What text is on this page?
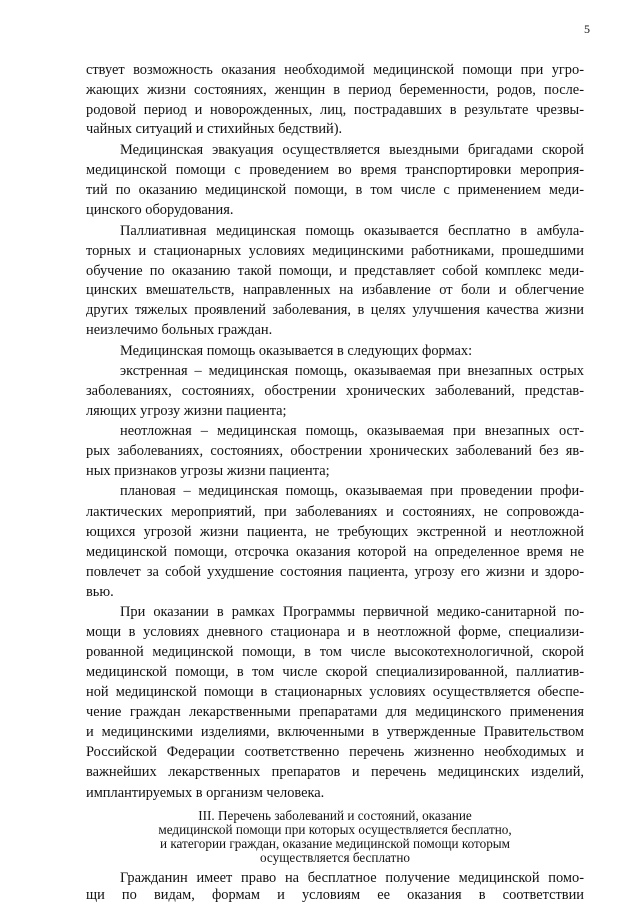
5
ствует возможность оказания необходимой медицинской помощи при угро-
жающих жизни состояниях, женщин в период беременности, родов, после-
родовой период и новорожденных, лиц, пострадавших в результате чрезвы-
чайных ситуаций и стихийных бедствий).
Медицинская эвакуация осуществляется выездными бригадами скорой
медицинской помощи с проведением во время транспортировки мероприя-
тий по оказанию медицинской помощи, в том числе с применением меди-
цинского оборудования.
Паллиативная медицинская помощь оказывается бесплатно в амбула-
торных и стационарных условиях медицинскими работниками, прошедшими
обучение по оказанию такой помощи, и представляет собой комплекс меди-
цинских вмешательств, направленных на избавление от боли и облегчение
других тяжелых проявлений заболевания, в целях улучшения качества жизни
неизлечимо больных граждан.
Медицинская помощь оказывается в следующих формах:
экстренная – медицинская помощь, оказываемая при внезапных острых
заболеваниях, состояниях, обострении хронических заболеваний, представ-
ляющих угрозу жизни пациента;
неотложная – медицинская помощь, оказываемая при внезапных ост-
рых заболеваниях, состояниях, обострении хронических заболеваний без яв-
ных признаков угрозы жизни пациента;
плановая – медицинская помощь, оказываемая при проведении профи-
лактических мероприятий, при заболеваниях и состояниях, не сопровожда-
ющихся угрозой жизни пациента, не требующих экстренной и неотложной
медицинской помощи, отсрочка оказания которой на определенное время не
повлечет за собой ухудшение состояния пациента, угрозу его жизни и здоро-
вью.
При оказании в рамках Программы первичной медико-санитарной по-
мощи в условиях дневного стационара и в неотложной форме, специализи-
рованной медицинской помощи, в том числе высокотехнологичной, скорой
медицинской помощи, в том числе скорой специализированной, паллиатив-
ной медицинской помощи в стационарных условиях осуществляется обеспе-
чение граждан лекарственными препаратами для медицинского применения
и медицинскими изделиями, включенными в утвержденные Правительством
Российской Федерации соответственно перечень жизненно необходимых и
важнейших лекарственных препаратов и перечень медицинских изделий,
имплантируемых в организм человека.
III. Перечень заболеваний и состояний, оказание
медицинской помощи при которых осуществляется бесплатно,
и категории граждан, оказание медицинской помощи которым
осуществляется бесплатно
Гражданин имеет право на бесплатное получение медицинской помо-
щи по видам, формам и условиям ее оказания в соответствии
